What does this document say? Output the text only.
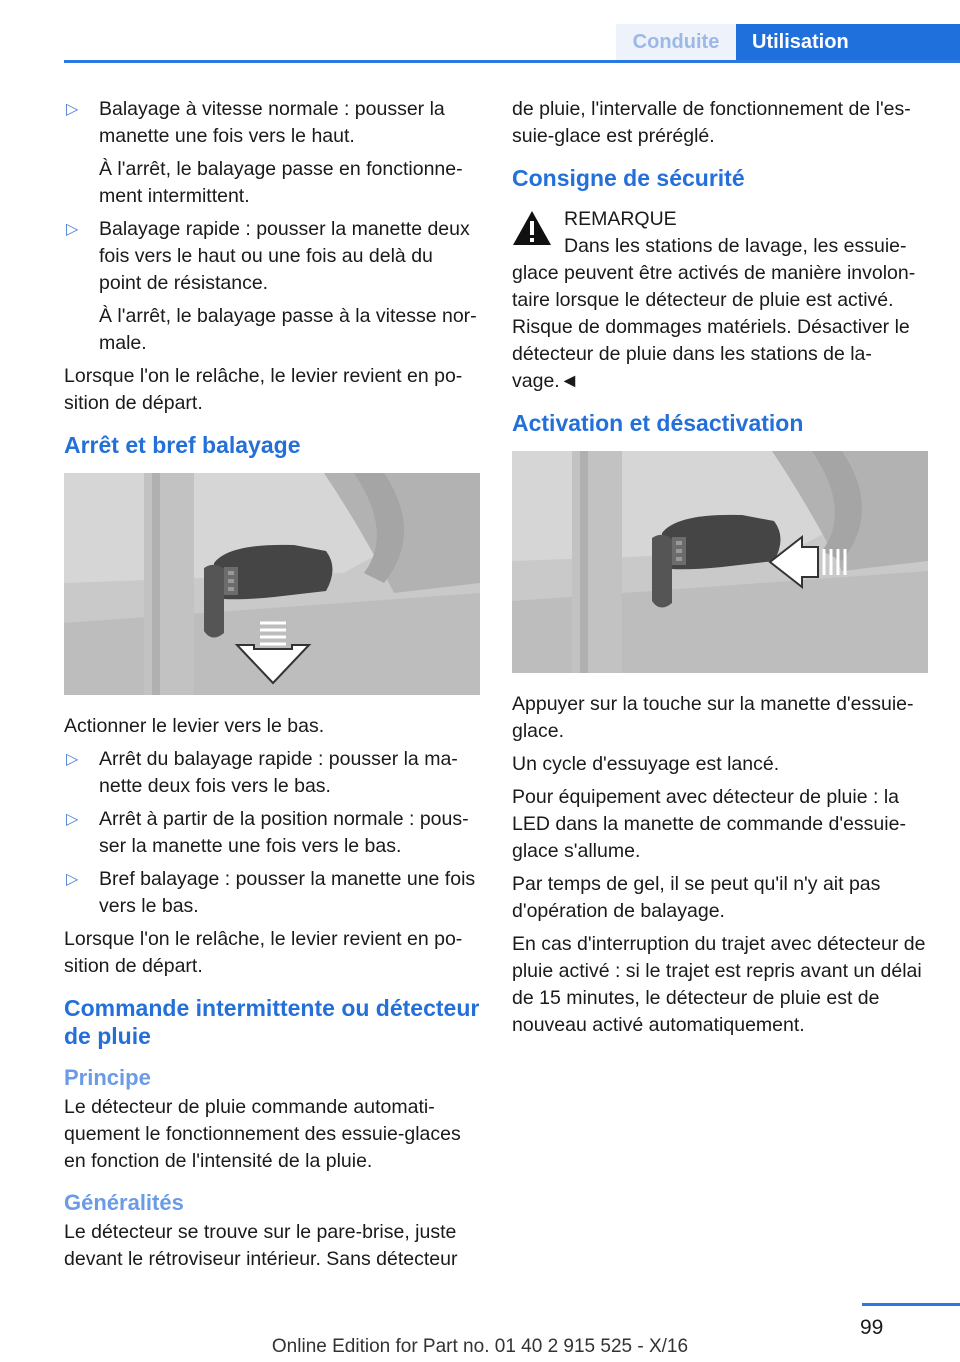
Conduite	Utilisation
▷ Balayage à vitesse normale : pousser la manette une fois vers le haut.
À l'arrêt, le balayage passe en fonctionne-ment intermittent.
▷ Balayage rapide : pousser la manette deux fois vers le haut ou une fois au delà du point de résistance.
À l'arrêt, le balayage passe à la vitesse nor-male.

Lorsque l'on le relâche, le levier revient en po-sition de départ.

Arrêt et bref balayage

Actionner le levier vers le bas.

▷ Arrêt du balayage rapide : pousser la ma-nette deux fois vers le bas.
▷ Arrêt à partir de la position normale : pous-ser la manette une fois vers le bas.
▷ Bref balayage : pousser la manette une fois vers le bas.

Lorsque l'on le relâche, le levier revient en po-sition de départ.

Commande intermittente ou détecteur de pluie
Principe

Le détecteur de pluie commande automati-quement le fonctionnement des essuie-glaces en fonction de l'intensité de la pluie.

Généralités

Le détecteur se trouve sur le pare-brise, juste devant le rétroviseur intérieur. Sans détecteur

de pluie, l'intervalle de fonctionnement de l'es-suie-glace est préréglé.

Consigne de sécurité
REMARQUE
Dans les stations de lavage, les essuie-

glace peuvent être activés de manière involon-taire lorsque le détecteur de pluie est activé. Risque de dommages matériels. Désactiver le détecteur de pluie dans les stations de la-vage.◄

Activation et désactivation

Appuyer sur la touche sur la manette d'essuie-glace.

Un cycle d'essuyage est lancé.

Pour équipement avec détecteur de pluie : la LED dans la manette de commande d'essuie-glace s'allume.

Par temps de gel, il se peut qu'il n'y ait pas d'opération de balayage.

En cas d'interruption du trajet avec détecteur de pluie activé : si le trajet est repris avant un délai de 15 minutes, le détecteur de pluie est de nouveau activé automatiquement.

99
Online Edition for Part no. 01 40 2 915 525 - X/16
